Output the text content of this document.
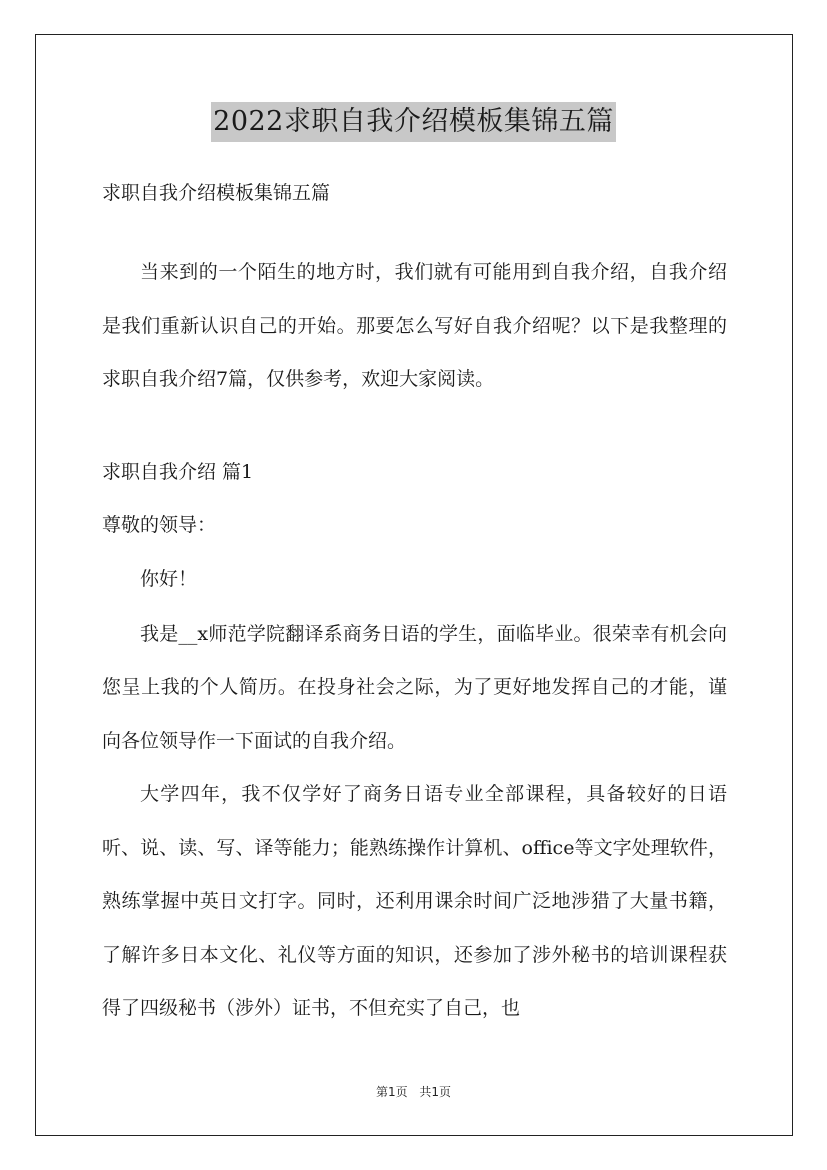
2022求职自我介绍模板集锦五篇
求职自我介绍模板集锦五篇

当来到的一个陌生的地方时，我们就有可能用到自我介绍，自我介绍是我们重新认识自己的开始。那要怎么写好自我介绍呢？以下是我整理的求职自我介绍7篇，仅供参考，欢迎大家阅读。

求职自我介绍 篇1
尊敬的领导：
你好！

我是__x师范学院翻译系商务日语的学生，面临毕业。很荣幸有机会向您呈上我的个人简历。在投身社会之际，为了更好地发挥自己的才能，谨向各位领导作一下面试的自我介绍。

大学四年，我不仅学好了商务日语专业全部课程，具备较好的日语听、说、读、写、译等能力；能熟练操作计算机、office等文字处理软件，熟练掌握中英日文打字。同时，还利用课余时间广泛地涉猎了大量书籍，了解许多日本文化、礼仪等方面的知识，还参加了涉外秘书的培训课程获得了四级秘书（涉外）证书，不但充实了自己，也

第1页 共1页
